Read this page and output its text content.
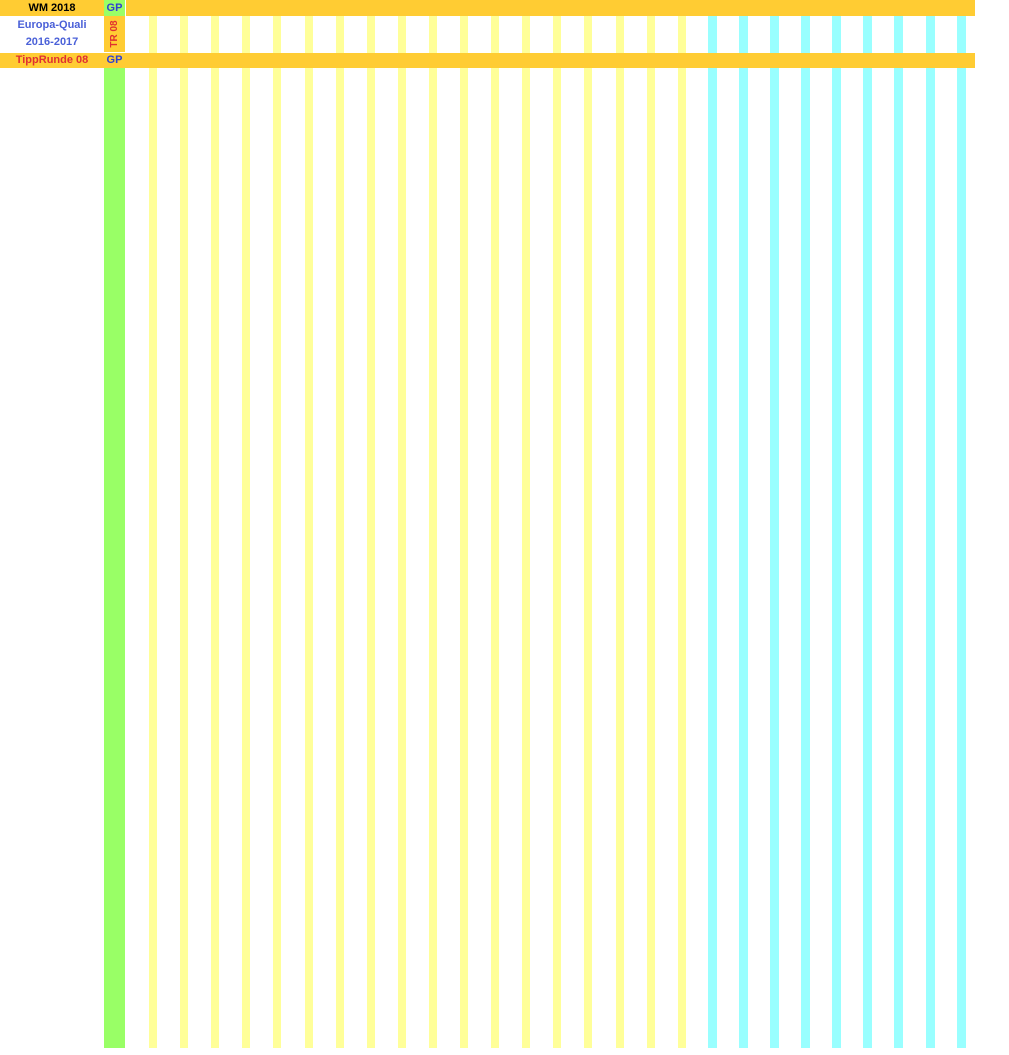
WM 2018
Europa-Quali
2016-2017	TR 08
GP
TippRunde 08	GP
